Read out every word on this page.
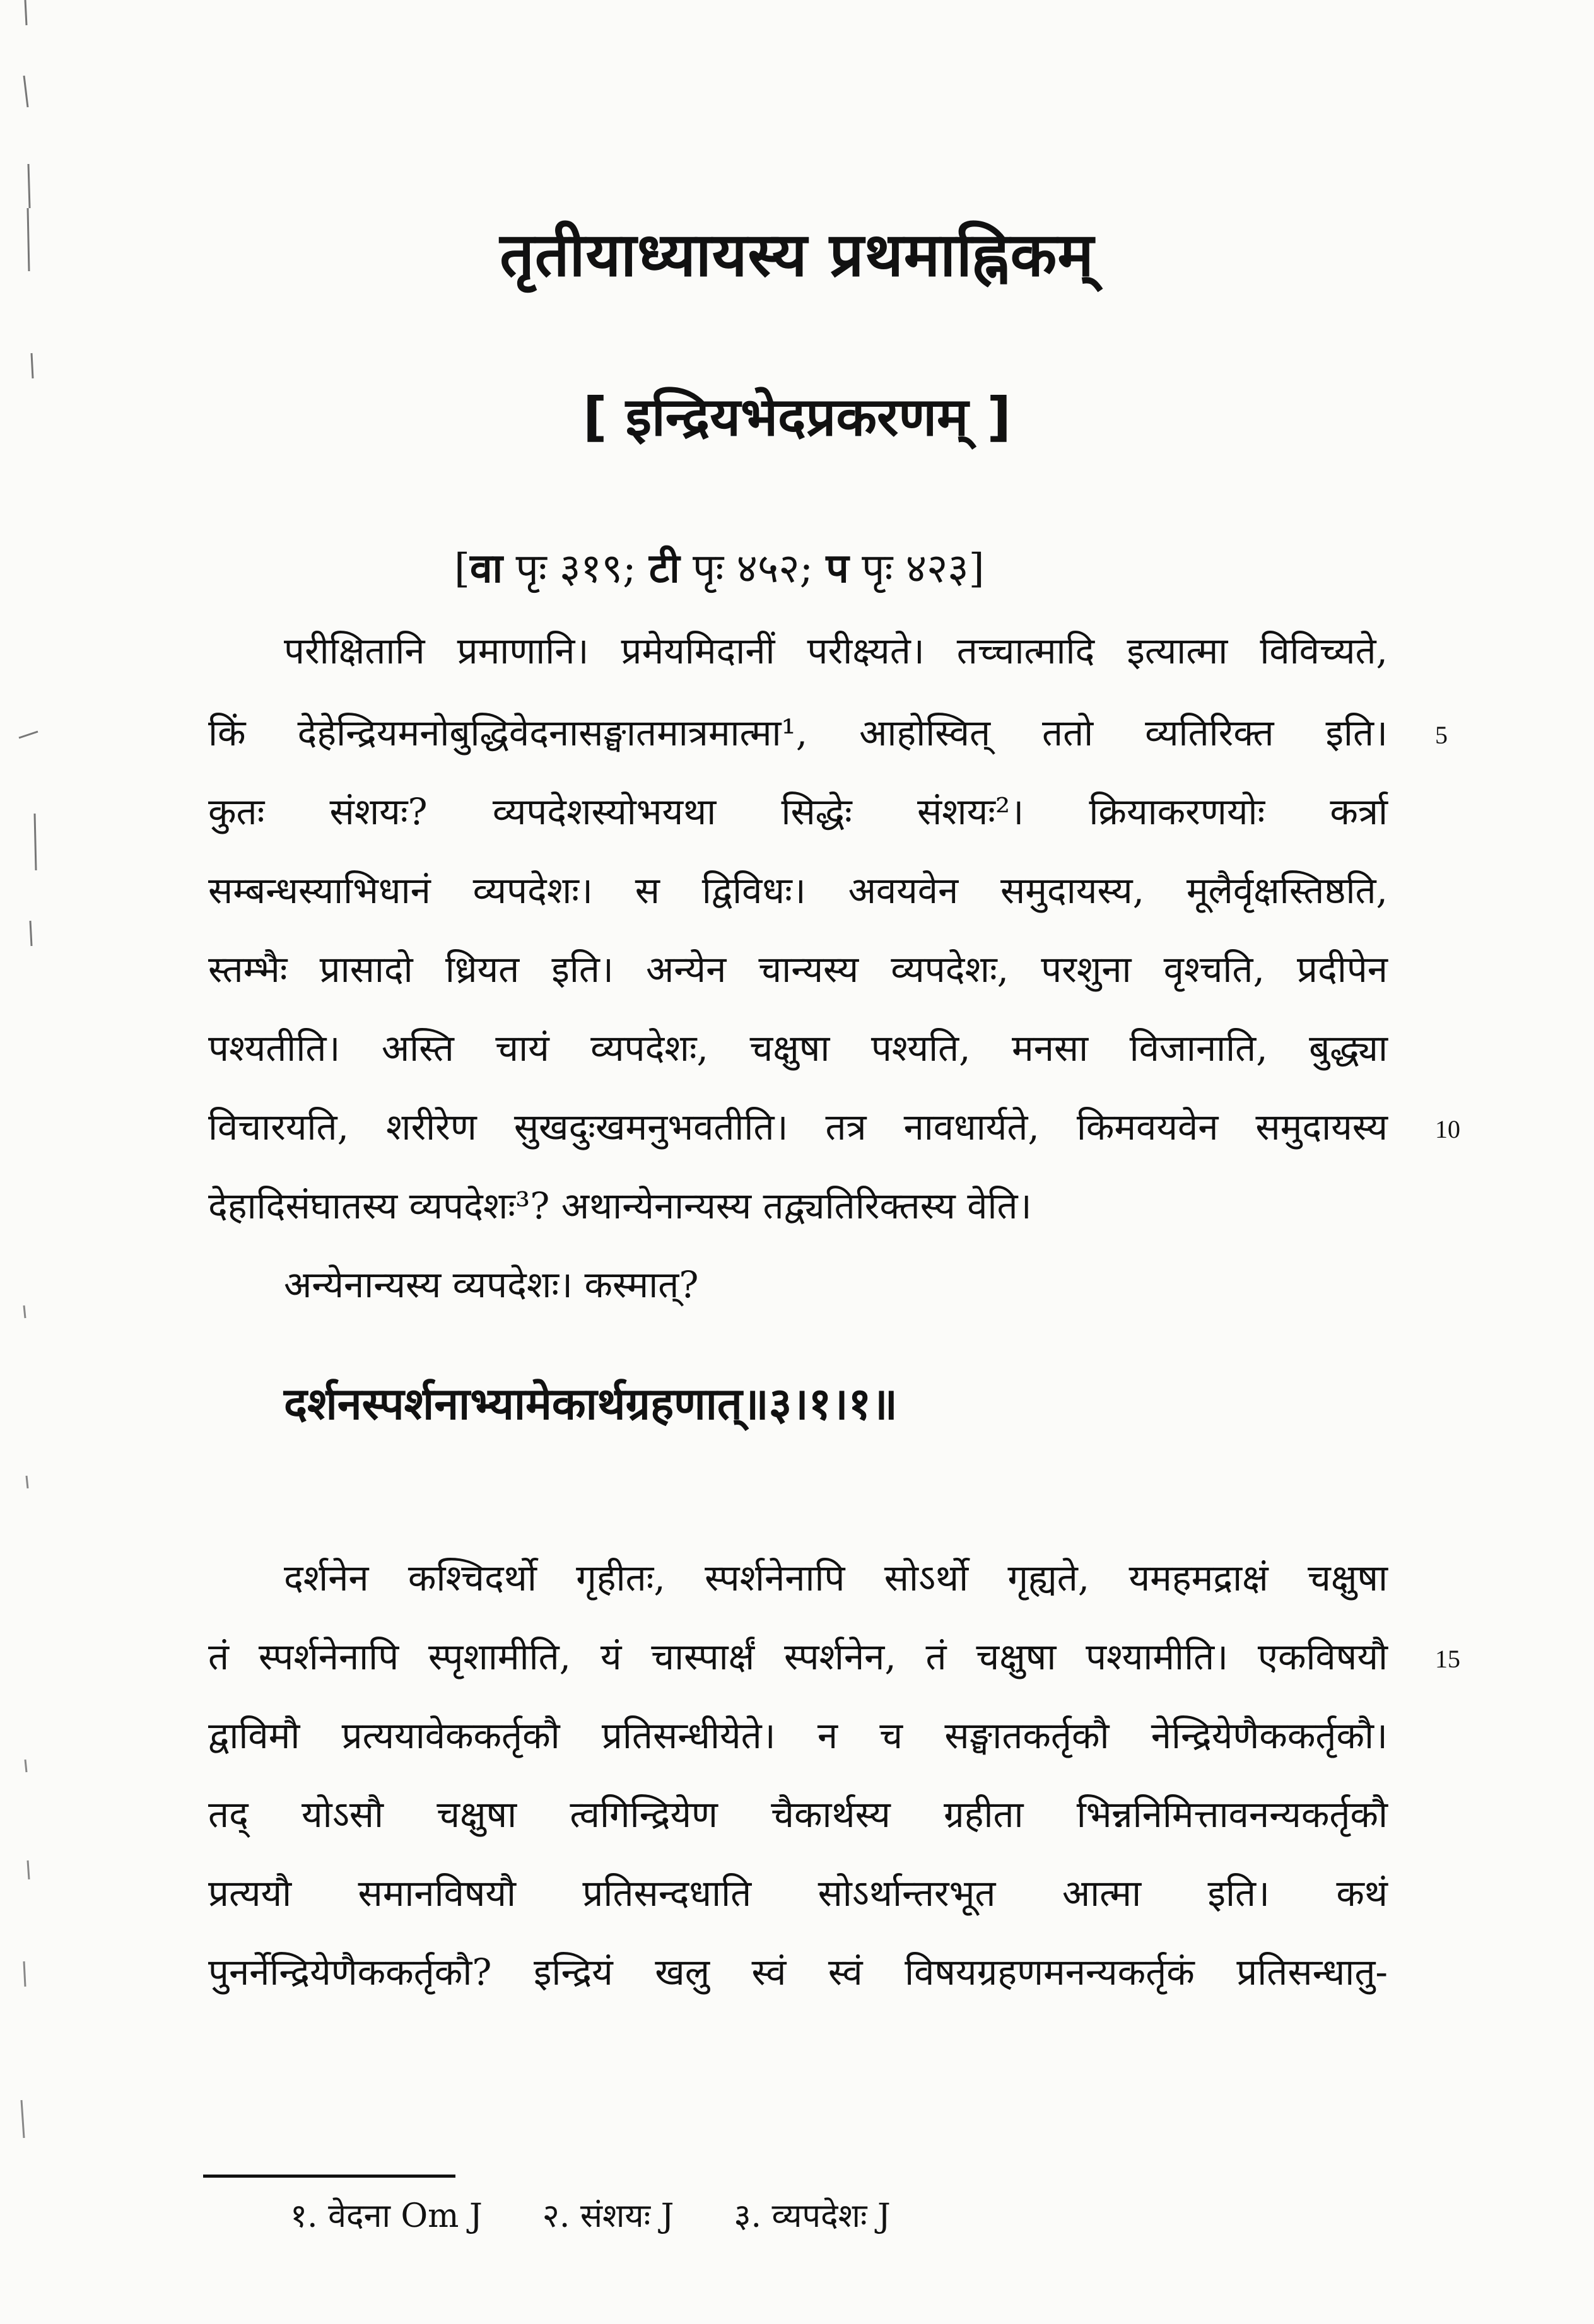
तृतीयाध्यायस्य प्रथमाह्निकम्
[ इन्द्रियभेदप्रकरणम् ]
[वा पृः ३१९; टी पृः ४५२; प पृः ४२३]
परीक्षितानि प्रमाणानि। प्रमेयमिदानीं परीक्ष्यते। तच्चात्मादि इत्यात्मा विविच्यते,
किं देहेन्द्रियमनोबुद्धिवेदनासङ्घातमात्रमात्मा¹, आहोस्वित् ततो व्यतिरिक्त इति।
कुतः संशयः? व्यपदेशस्योभयथा सिद्धेः संशयः²। क्रियाकरणयोः कर्त्रा
सम्बन्धस्याभिधानं व्यपदेशः। स द्विविधः। अवयवेन समुदायस्य, मूलैर्वृक्षस्तिष्ठति,
स्तम्भैः प्रासादो ध्रियत इति। अन्येन चान्यस्य व्यपदेशः, परशुना वृश्चति, प्रदीपेन
पश्यतीति। अस्ति चायं व्यपदेशः, चक्षुषा पश्यति, मनसा विजानाति, बुद्ध्या
विचारयति, शरीरेण सुखदुःखमनुभवतीति। तत्र नावधार्यते, किमवयवेन समुदायस्य
देहादिसंघातस्य व्यपदेशः³? अथान्येनान्यस्य तद्व्यतिरिक्तस्य वेति।
अन्येनान्यस्य व्यपदेशः। कस्मात्?
दर्शनस्पर्शनाभ्यामेकार्थग्रहणात्॥३।१।१॥
दर्शनेन कश्चिदर्थो गृहीतः, स्पर्शनेनापि सोऽर्थो गृह्यते, यमहमद्राक्षं चक्षुषा
तं स्पर्शनेनापि स्पृशामीति, यं चास्पार्क्षं स्पर्शनेन, तं चक्षुषा पश्यामीति। एकविषयौ
द्वाविमौ प्रत्ययावेककर्तृकौ प्रतिसन्धीयेते। न च सङ्घातकर्तृकौ नेन्द्रियेणैककर्तृकौ।
तद् योऽसौ चक्षुषा त्वगिन्द्रियेण चैकार्थस्य ग्रहीता भिन्ननिमित्तावनन्यकर्तृकौ
प्रत्ययौ समानविषयौ प्रतिसन्दधाति सोऽर्थान्तरभूत आत्मा इति। कथं
पुनर्नेन्द्रियेणैककर्तृकौ? इन्द्रियं खलु स्वं स्वं विषयग्रहणमनन्यकर्तृकं प्रतिसन्धातु-
5
10
15
१. वेदना Om J २. संशयः J ३. व्यपदेशः J
